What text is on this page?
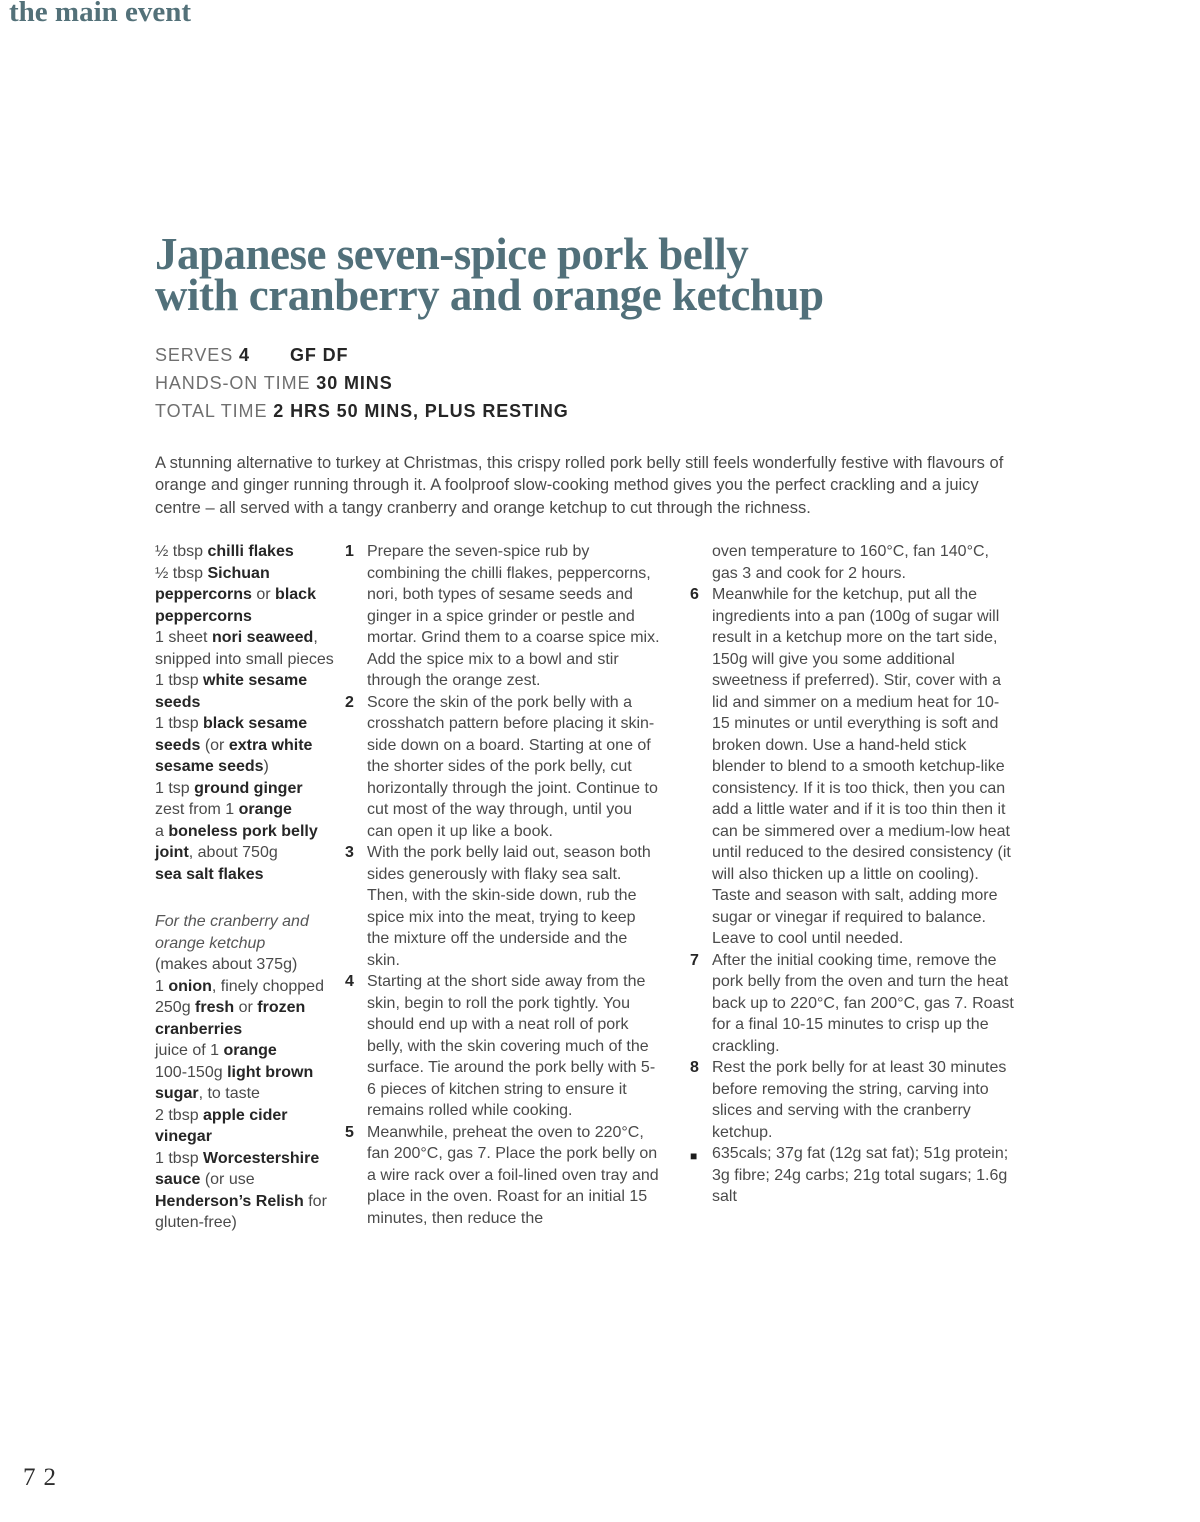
the main event
Japanese seven-spice pork belly
with cranberry and orange ketchup
SERVES 4 GF DF
HANDS-ON TIME 30 MINS
TOTAL TIME 2 HRS 50 MINS, PLUS RESTING

A stunning alternative to turkey at Christmas, this crispy rolled pork belly still feels wonderfully festive with flavours of orange and ginger running through it. A foolproof slow-cooking method gives you the perfect crackling and a juicy centre – all served with a tangy cranberry and orange ketchup to cut through the richness.

½ tbsp chilli flakes
½ tbsp Sichuan peppercorns or black peppercorns
1 sheet nori seaweed, snipped into small pieces
1 tbsp white sesame seeds
1 tbsp black sesame seeds (or extra white sesame seeds)
1 tsp ground ginger
zest from 1 orange
a boneless pork belly joint, about 750g
sea salt flakes
For the cranberry and orange ketchup
(makes about 375g)
1 onion, finely chopped
250g fresh or frozen cranberries
juice of 1 orange
100-150g light brown sugar, to taste
2 tbsp apple cider vinegar
1 tbsp Worcestershire sauce (or use Henderson’s Relish for gluten-free)
1 Prepare the seven-spice rub by combining the chilli flakes, peppercorns, nori, both types of sesame seeds and ginger in a spice grinder or pestle and mortar. Grind them to a coarse spice mix. Add the spice mix to a bowl and stir through the orange zest.
2 Score the skin of the pork belly with a crosshatch pattern before placing it skin-side down on a board. Starting at one of the shorter sides of the pork belly, cut horizontally through the joint. Continue to cut most of the way through, until you can open it up like a book.
3 With the pork belly laid out, season both sides generously with flaky sea salt. Then, with the skin-side down, rub the spice mix into the meat, trying to keep the mixture off the underside and the skin.
4 Starting at the short side away from the skin, begin to roll the pork tightly. You should end up with a neat roll of pork belly, with the skin covering much of the surface. Tie around the pork belly with 5-6 pieces of kitchen string to ensure it remains rolled while cooking.
5 Meanwhile, preheat the oven to 220°C, fan 200°C, gas 7. Place the pork belly on a wire rack over a foil-lined oven tray and place in the oven. Roast for an initial 15 minutes, then reduce the
oven temperature to 160°C, fan 140°C, gas 3 and cook for 2 hours.
6 Meanwhile for the ketchup, put all the ingredients into a pan (100g of sugar will result in a ketchup more on the tart side, 150g will give you some additional sweetness if preferred). Stir, cover with a lid and simmer on a medium heat for 10-15 minutes or until everything is soft and broken down. Use a hand-held stick blender to blend to a smooth ketchup-like consistency. If it is too thick, then you can add a little water and if it is too thin then it can be simmered over a medium-low heat until reduced to the desired consistency (it will also thicken up a little on cooling). Taste and season with salt, adding more sugar or vinegar if required to balance. Leave to cool until needed.
7 After the initial cooking time, remove the pork belly from the oven and turn the heat back up to 220°C, fan 200°C, gas 7. Roast for a final 10-15 minutes to crisp up the crackling.
8 Rest the pork belly for at least 30 minutes before removing the string, carving into slices and serving with the cranberry ketchup.
■ 635cals; 37g fat (12g sat fat); 51g protein; 3g fibre; 24g carbs; 21g total sugars; 1.6g salt
72
